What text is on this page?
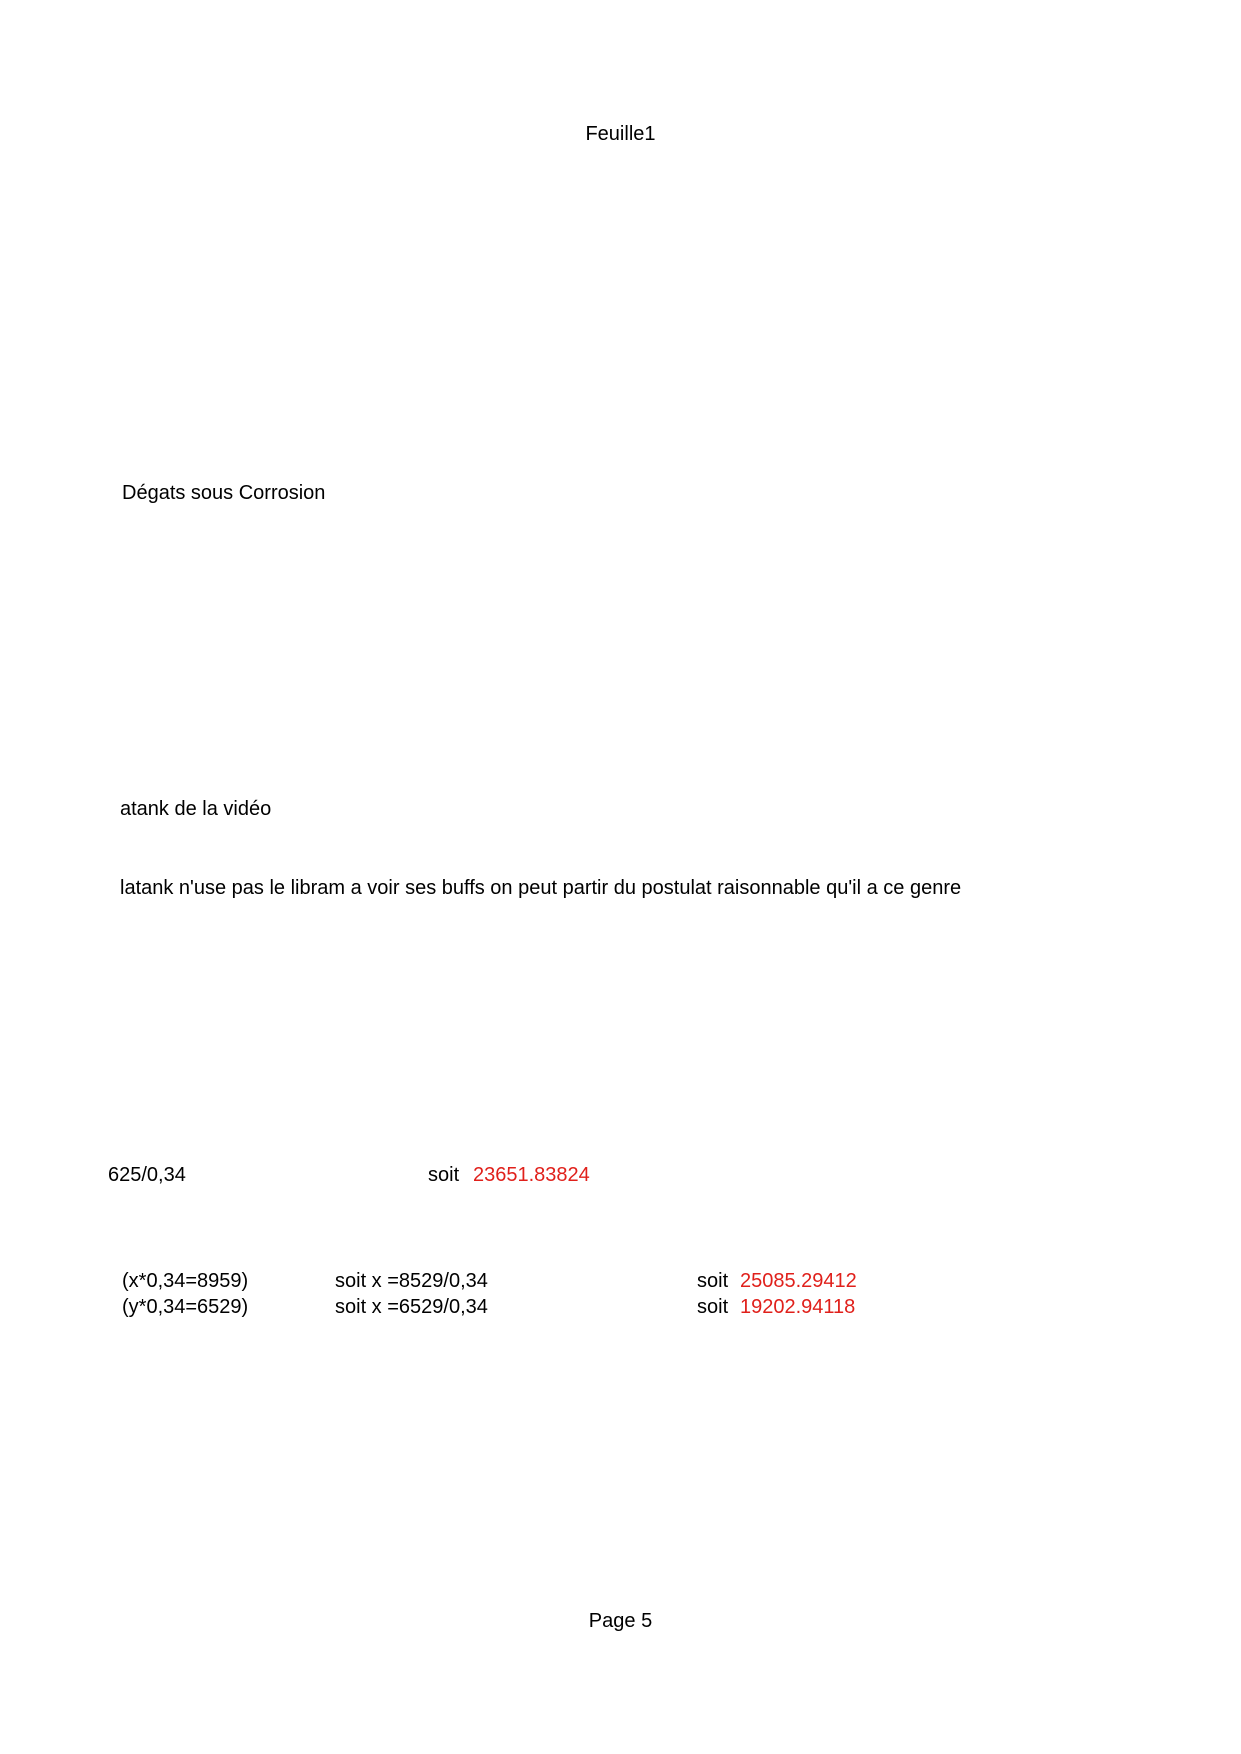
Feuille1
Dégats sous Corrosion
atank de la vidéo
latank n'use pas le libram a voir ses buffs on peut partir du postulat raisonnable qu'il a ce genre
625/0,34	soit 23651.83824
(x*0,34=8959)	soit x =8529/0,34	soit 25085.29412
(y*0,34=6529)	soit x =6529/0,34	soit 19202.94118
Page 5
